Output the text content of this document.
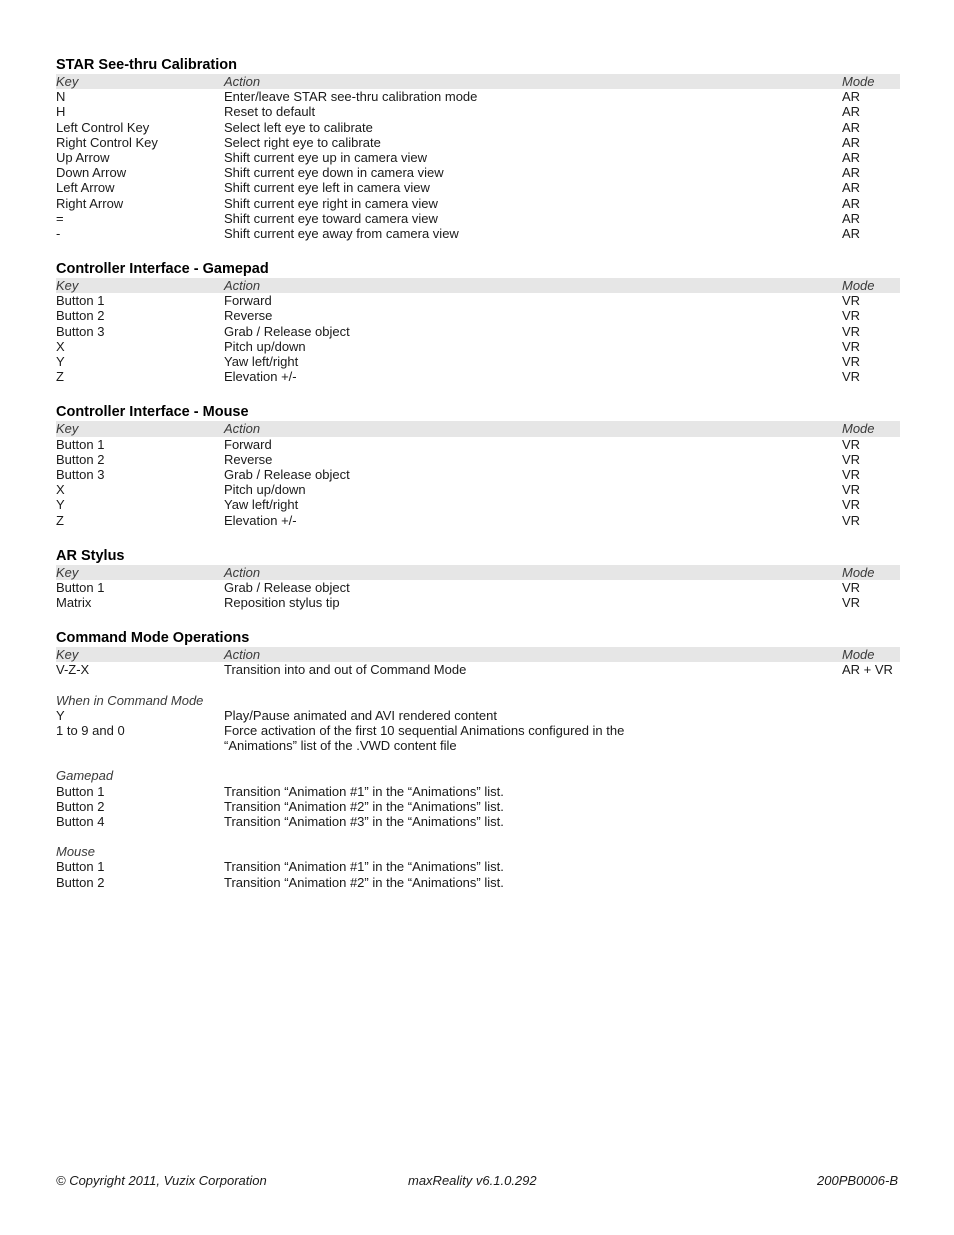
STAR See-thru Calibration
Key	Action	Mode
N	Enter/leave STAR see-thru calibration mode	AR
H	Reset to default	AR
Left Control Key	Select left eye to calibrate	AR
Right Control Key	Select right eye to calibrate	AR
Up Arrow	Shift current eye up in camera view	AR
Down Arrow	Shift current eye down in camera view	AR
Left Arrow	Shift current eye left in camera view	AR
Right Arrow	Shift current eye right in camera view	AR
=	Shift current eye toward camera view	AR
-	Shift current eye away from camera view	AR
Controller Interface - Gamepad
Key	Action	Mode
Button 1	Forward	VR
Button 2	Reverse	VR
Button 3	Grab / Release object	VR
X	Pitch up/down	VR
Y	Yaw left/right	VR
Z	Elevation +/-	VR
Controller Interface - Mouse
Key	Action	Mode
Button 1	Forward	VR
Button 2	Reverse	VR
Button 3	Grab / Release object	VR
X	Pitch up/down	VR
Y	Yaw left/right	VR
Z	Elevation +/-	VR
AR Stylus
Key	Action	Mode
Button 1	Grab / Release object	VR
Matrix	Reposition stylus tip	VR
Command Mode Operations
Key	Action	Mode
V-Z-X	Transition into and out of Command Mode	AR + VR
When in Command Mode
Y	Play/Pause animated and AVI rendered content
1 to 9 and 0	Force activation of the first 10 sequential Animations configured in the “Animations” list of the .VWD content file
Gamepad
Button 1	Transition “Animation #1” in the “Animations” list.
Button 2	Transition “Animation #2” in the “Animations” list.
Button 4	Transition “Animation #3” in the “Animations” list.
Mouse
Button 1	Transition “Animation #1” in the “Animations” list.
Button 2	Transition “Animation #2” in the “Animations” list.
© Copyright 2011, Vuzix Corporation	maxReality v6.1.0.292	200PB0006-B
